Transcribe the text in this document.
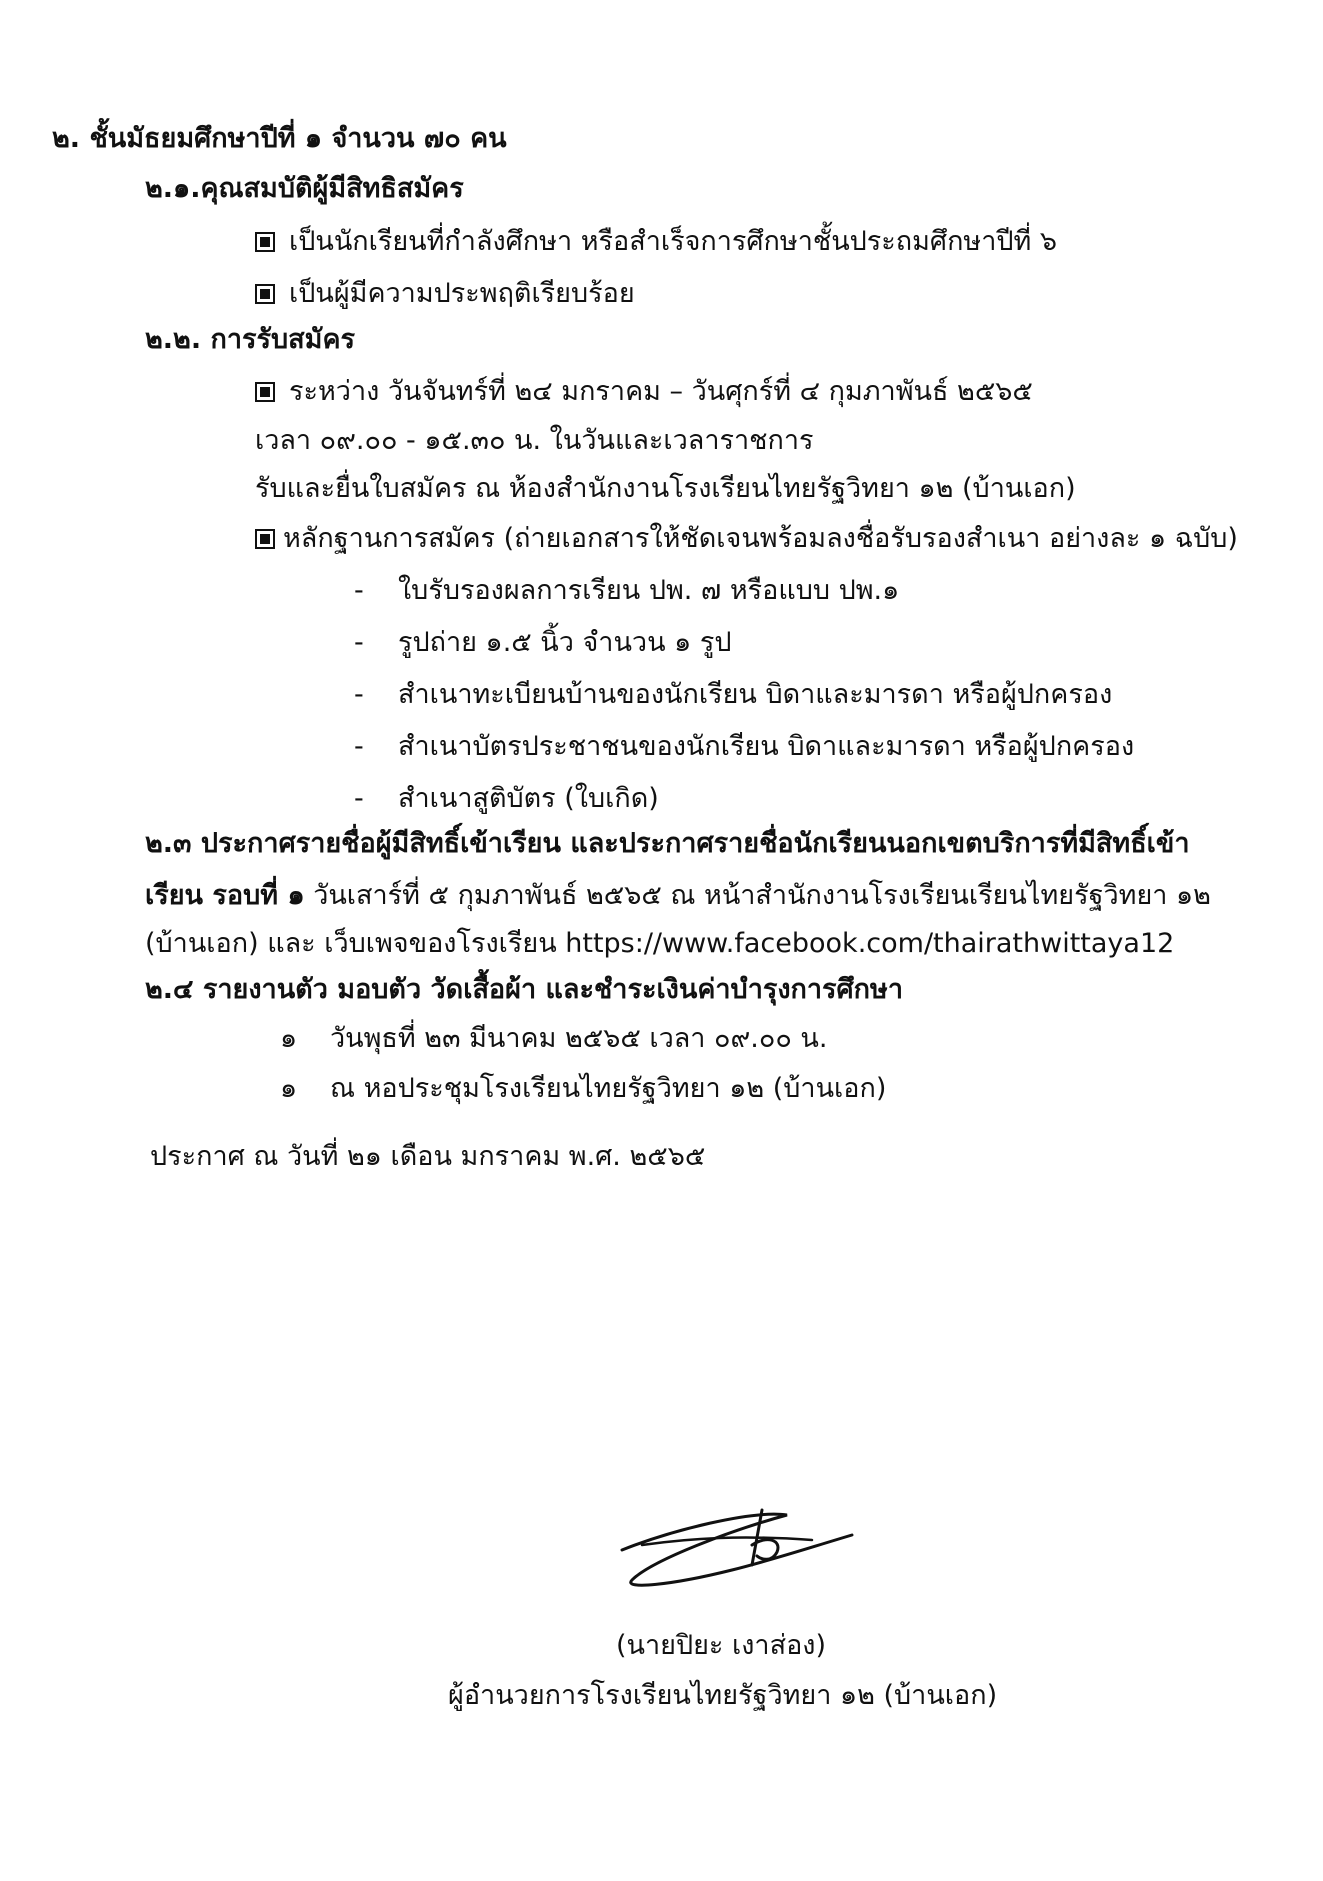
๒. ชั้นมัธยมศึกษาปีที่ ๑ จำนวน ๗๐ คน
๒.๑.คุณสมบัติผู้มีสิทธิสมัคร
เป็นนักเรียนที่กำลังศึกษา หรือสำเร็จการศึกษาชั้นประถมศึกษาปีที่ ๖
เป็นผู้มีความประพฤติเรียบร้อย
๒.๒. การรับสมัคร
ระหว่าง วันจันทร์ที่ ๒๔ มกราคม – วันศุกร์ที่ ๔ กุมภาพันธ์ ๒๕๖๕
เวลา ๐๙.๐๐ - ๑๕.๓๐ น. ในวันและเวลาราชการ
รับและยื่นใบสมัคร ณ ห้องสำนักงานโรงเรียนไทยรัฐวิทยา ๑๒ (บ้านเอก)
หลักฐานการสมัคร (ถ่ายเอกสารให้ชัดเจนพร้อมลงชื่อรับรองสำเนา อย่างละ ๑ ฉบับ)
- ใบรับรองผลการเรียน ปพ. ๗ หรือแบบ ปพ.๑
- รูปถ่าย ๑.๕ นิ้ว จำนวน ๑ รูป
- สำเนาทะเบียนบ้านของนักเรียน บิดาและมารดา หรือผู้ปกครอง
- สำเนาบัตรประชาชนของนักเรียน บิดาและมารดา หรือผู้ปกครอง
- สำเนาสูติบัตร (ใบเกิด)
๒.๓ ประกาศรายชื่อผู้มีสิทธิ์เข้าเรียน และประกาศรายชื่อนักเรียนนอกเขตบริการที่มีสิทธิ์เข้า
เรียน รอบที่ ๑ วันเสาร์ที่ ๕ กุมภาพันธ์ ๒๕๖๕ ณ หน้าสำนักงานโรงเรียนเรียนไทยรัฐวิทยา ๑๒
(บ้านเอก) และ เว็บเพจของโรงเรียน https://www.facebook.com/thairathwittaya12
๒.๔ รายงานตัว มอบตัว วัดเสื้อผ้า และชำระเงินค่าบำรุงการศึกษา
๑ วันพุธที่ ๒๓ มีนาคม ๒๕๖๕ เวลา ๐๙.๐๐ น.
๑ ณ หอประชุมโรงเรียนไทยรัฐวิทยา ๑๒ (บ้านเอก)
ประกาศ ณ วันที่ ๒๑ เดือน มกราคม พ.ศ. ๒๕๖๕
(นายปิยะ เงาส่อง)
ผู้อำนวยการโรงเรียนไทยรัฐวิทยา ๑๒ (บ้านเอก)
